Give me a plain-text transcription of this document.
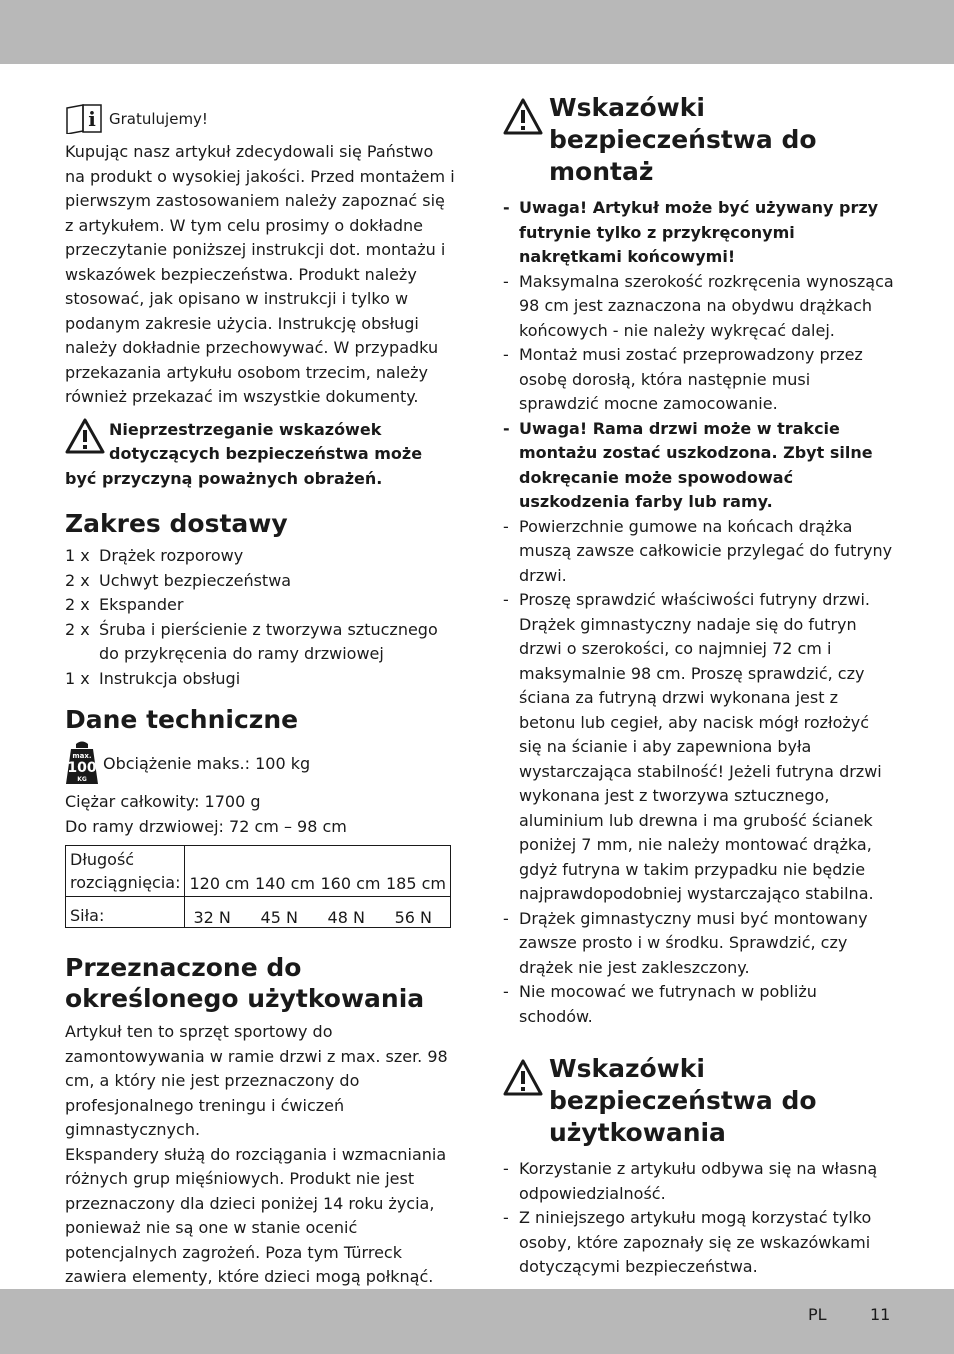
i Gratulujemy!

Kupując nasz artykuł zdecydowali się Państwo na produkt o wysokiej jakości. Przed montażem i pierwszym zastosowaniem należy zapoznać się z artykułem. W tym celu prosimy o dokładne przeczytanie poniższej instrukcji dot. montażu i wskazówek bezpieczeństwa. Produkt należy stosować, jak opisano w instrukcji i tylko w podanym zakresie użycia. Instrukcję obsługi należy dokładnie przechowywać. W przypadku przekazania artykułu osobom trzecim, należy również przekazać im wszystkie dokumenty.

Nieprzestrzeganie wskazówek dotyczących bezpieczeństwa może być przyczyną poważnych obrażeń.
Zakres dostawy
1 x Drążek rozporowy
2 x Uchwyt bezpieczeństwa
2 x Ekspander
2 x Śruba i pierścienie z tworzywa sztucznego do przykręcenia do ramy drzwiowej
1 x Instrukcja obsługi
Dane techniczne
max.
100
KG
Obciążenie maks.: 100 kg

Ciężar całkowity: 1700 g

Do ramy drzwiowej: 72 cm – 98 cm

Długość rozciągnięcia:	120 cm 140 cm 160 cm 185 cm

Siła:	32 N 45 N 48 N 56 N
Przeznaczone do określonego użytkowania

Artykuł ten to sprzęt sportowy do zamontowywania w ramie drzwi z max. szer. 98 cm, a który nie jest przeznaczony do profesjonalnego treningu i ćwiczeń gimnastycznych.

Ekspandery służą do rozciągania i wzmacniania różnych grup mięśniowych. Produkt nie jest przeznaczony dla dzieci poniżej 14 roku życia, ponieważ nie są one w stanie ocenić potencjalnych zagrożeń. Poza tym Türreck zawiera elementy, które dzieci mogą połknąć.

Wskazówki bezpieczeństwa do montaż
- Uwaga! Artykuł może być używany przy futrynie tylko z przykręconymi nakrętkami końcowymi!
- Maksymalna szerokość rozkręcenia wynosząca 98 cm jest zaznaczona na obydwu drążkach końcowych - nie należy wykręcać dalej.
- Montaż musi zostać przeprowadzony przez osobę dorosłą, która następnie musi sprawdzić mocne zamocowanie.
- Uwaga! Rama drzwi może w trakcie montażu zostać uszkodzona. Zbyt silne dokręcanie może spowodować uszkodzenia farby lub ramy.
- Powierzchnie gumowe na końcach drążka muszą zawsze całkowicie przylegać do futryny drzwi.
- Proszę sprawdzić właściwości futryny drzwi. Drążek gimnastyczny nadaje się do futryn drzwi o szerokości, co najmniej 72 cm i maksymalnie 98 cm. Proszę sprawdzić, czy ściana za futryną drzwi wykonana jest z betonu lub cegieł, aby nacisk mógł rozłożyć się na ścianie i aby zapewniona była wystarczająca stabilność! Jeżeli futryna drzwi wykonana jest z tworzywa sztucznego, aluminium lub drewna i ma grubość ścianek poniżej 7 mm, nie należy montować drążka, gdyż futryna w takim przypadku nie będzie najprawdopodobniej wystarczająco stabilna.
- Drążek gimnastyczny musi być montowany zawsze prosto i w środku. Sprawdzić, czy drążek nie jest zakleszczony.
- Nie mocować we futrynach w pobliżu schodów.
Wskazówki bezpieczeństwa do użytkowania
- Korzystanie z artykułu odbywa się na własną odpowiedzialność.
- Z niniejszego artykułu mogą korzystać tylko osoby, które zapoznały się ze wskazówkami dotyczącymi bezpieczeństwa.
PL	11
